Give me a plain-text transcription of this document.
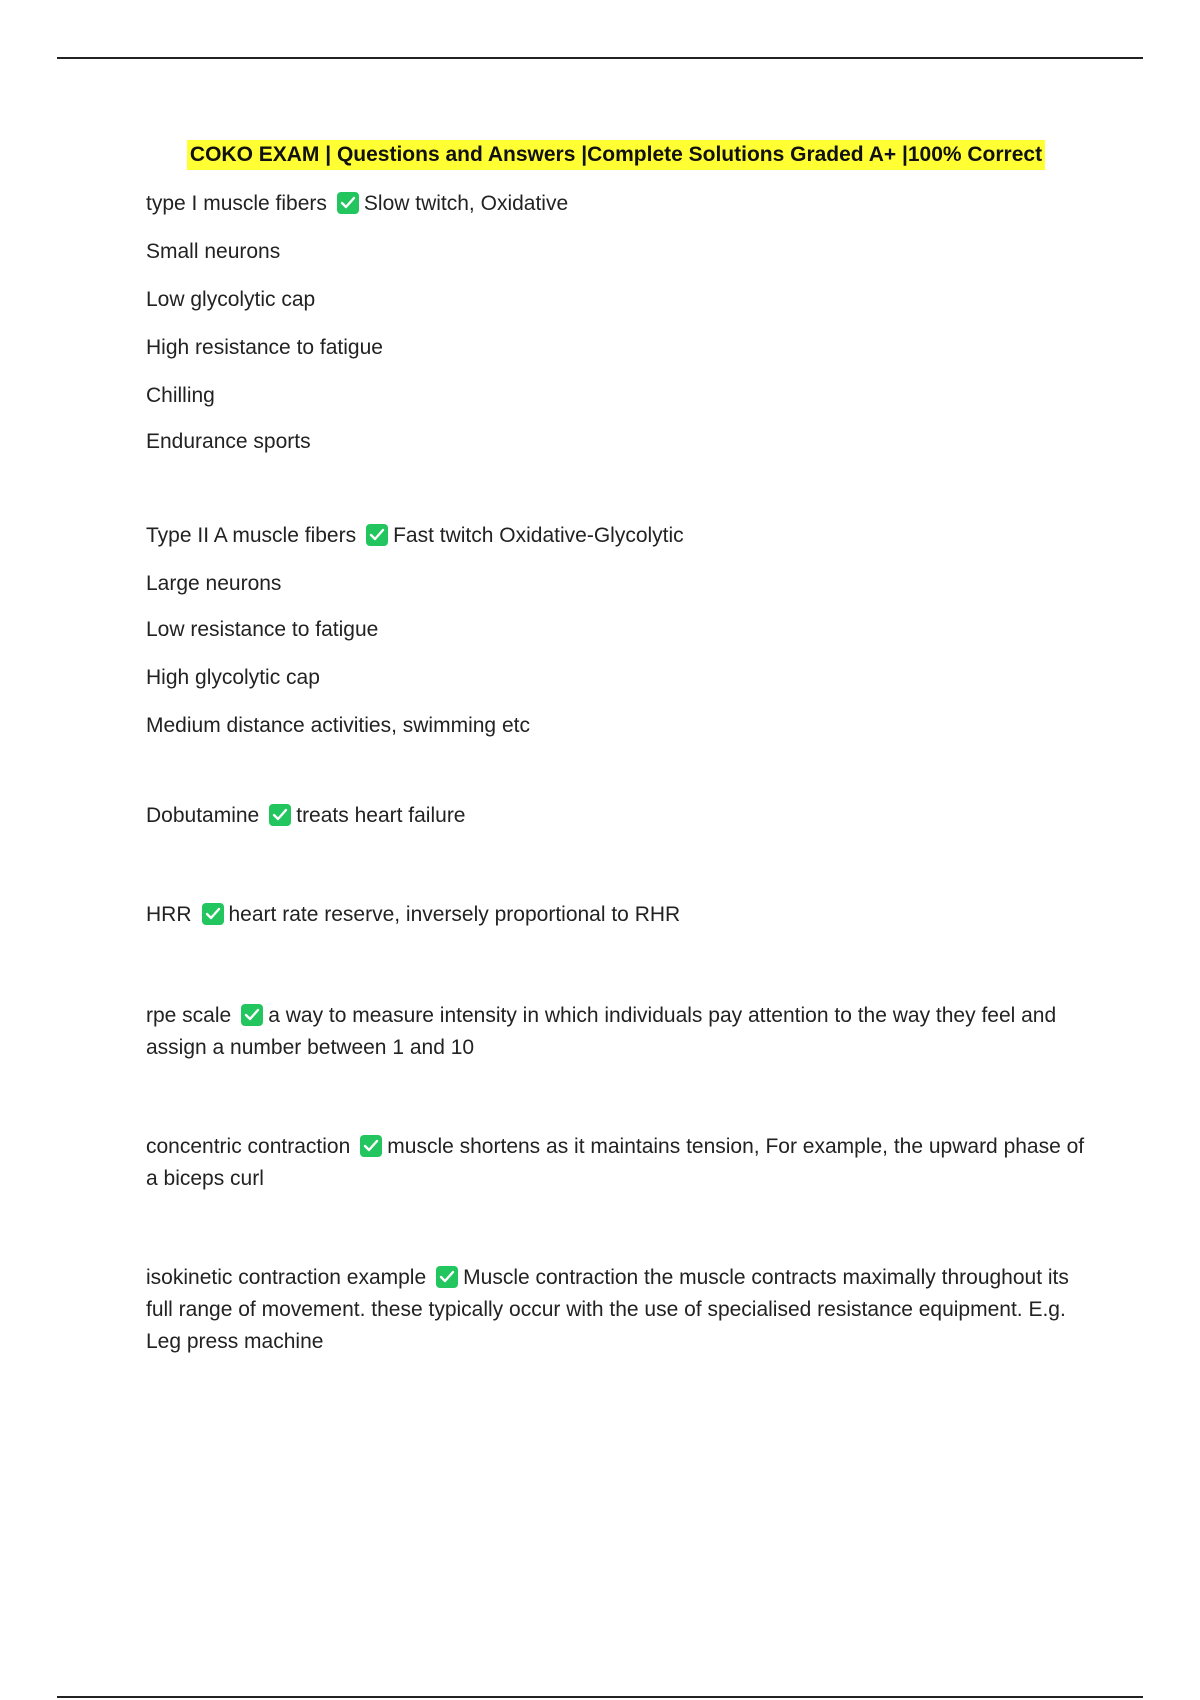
COKO EXAM | Questions and Answers |Complete Solutions Graded A+ |100% Correct

type I muscle fibers Slow twitch, Oxidative

Small neurons
Low glycolytic cap
High resistance to fatigue
Chilling
Endurance sports

Type II A muscle fibers Fast twitch Oxidative-Glycolytic

Large neurons
Low resistance to fatigue
High glycolytic cap
Medium distance activities, swimming etc

Dobutamine treats heart failure

HRR heart rate reserve, inversely proportional to RHR

rpe scale a way to measure intensity in which individuals pay attention to the way they feel and assign a number between 1 and 10

concentric contraction muscle shortens as it maintains tension, For example, the upward phase of a biceps curl

isokinetic contraction example Muscle contraction the muscle contracts maximally throughout its full range of movement. these typically occur with the use of specialised resistance equipment. E.g. Leg press machine
